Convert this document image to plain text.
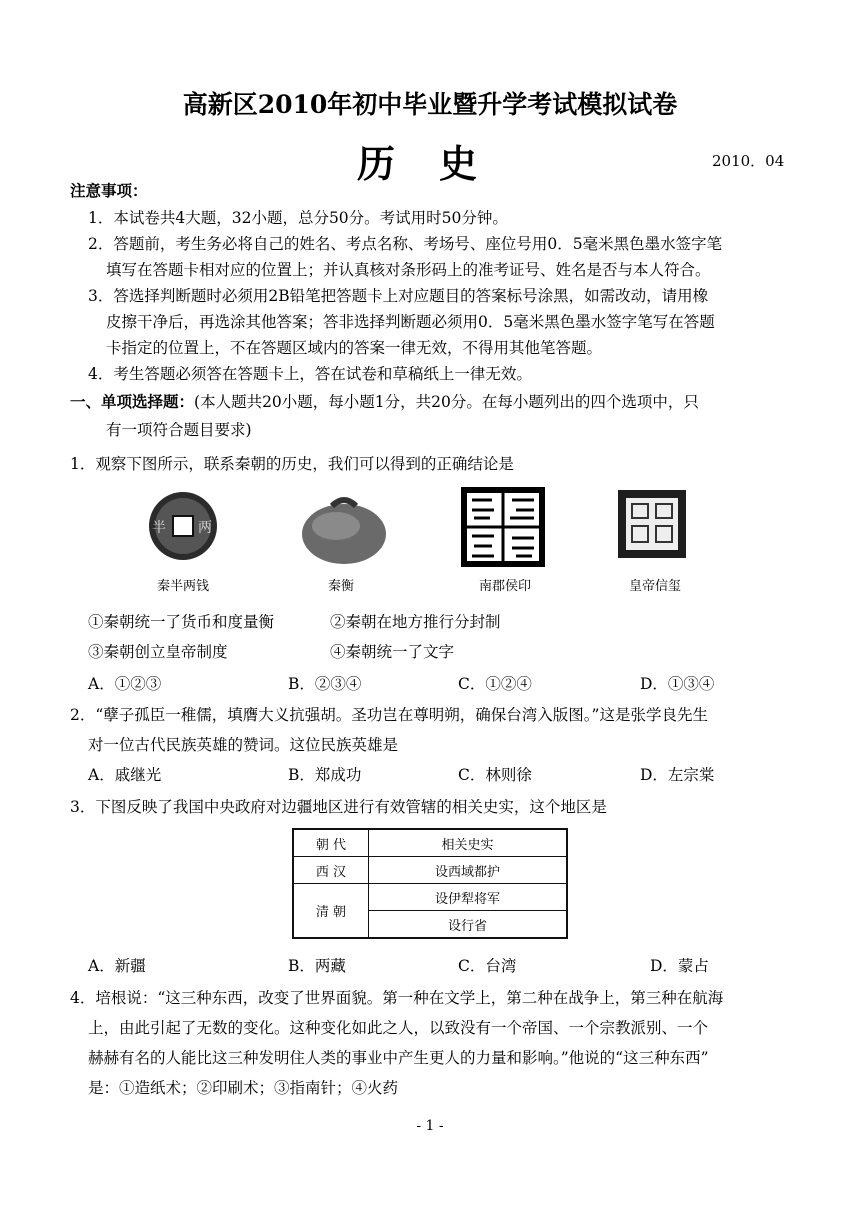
高新区2010年初中毕业暨升学考试模拟试卷
历史	2010．04
注意事项：
1．本试卷共4大题，32小题，总分50分。考试用时50分钟。
2．答题前，考生务必将自己的姓名、考点名称、考场号、座位号用0．5毫米黑色墨水签字笔
填写在答题卡相对应的位置上；并认真核对条形码上的准考证号、姓名是否与本人符合。
3．答选择判断题时必须用2B铅笔把答题卡上对应题目的答案标号涂黑，如需改动，请用橡
皮擦干净后，再选涂其他答案；答非选择判断题必须用0．5毫米黑色墨水签字笔写在答题
卡指定的位置上，不在答题区域内的答案一律无效，不得用其他笔答题。
4．考生答题必须答在答题卡上，答在试卷和草稿纸上一律无效。
一、单项选择题：(本人题共20小题，每小题1分，共20分。在每小题列出的四个选项中，只
有一项符合题目要求)
1．观察下图所示，联系秦朝的历史，我们可以得到的正确结论是
半 两
秦半两钱	秦衡	南郡侯印	皇帝信玺
①秦朝统一了货币和度量衡	②秦朝在地方推行分封制
③秦朝创立皇帝制度	④秦朝统一了文字
A．①②③	B．②③④	C．①②④	D．①③④
2．“孽子孤臣一稚儒，填膺大义抗强胡。圣功岂在尊明朔，确保台湾入版图。”这是张学良先生
对一位古代民族英雄的赞词。这位民族英雄是
A．戚继光	B．郑成功	C．林则徐	D．左宗棠
3．下图反映了我国中央政府对边疆地区进行有效管辖的相关史实，这个地区是
朝 代	相关史实
西 汉	设西域都护
清 朝	设伊犁将军
	设行省
A．新疆	B．两藏	C．台湾	D．蒙占
4．培根说：“这三种东西，改变了世界面貌。第一种在文学上，第二种在战争上，第三种在航海
上，由此引起了无数的变化。这种变化如此之人，以致没有一个帝国、一个宗教派别、一个
赫赫有名的人能比这三种发明住人类的事业中产生更人的力量和影响。”他说的“这三种东西”
是：①造纸术；②印刷术；③指南针；④火药
- 1 -
